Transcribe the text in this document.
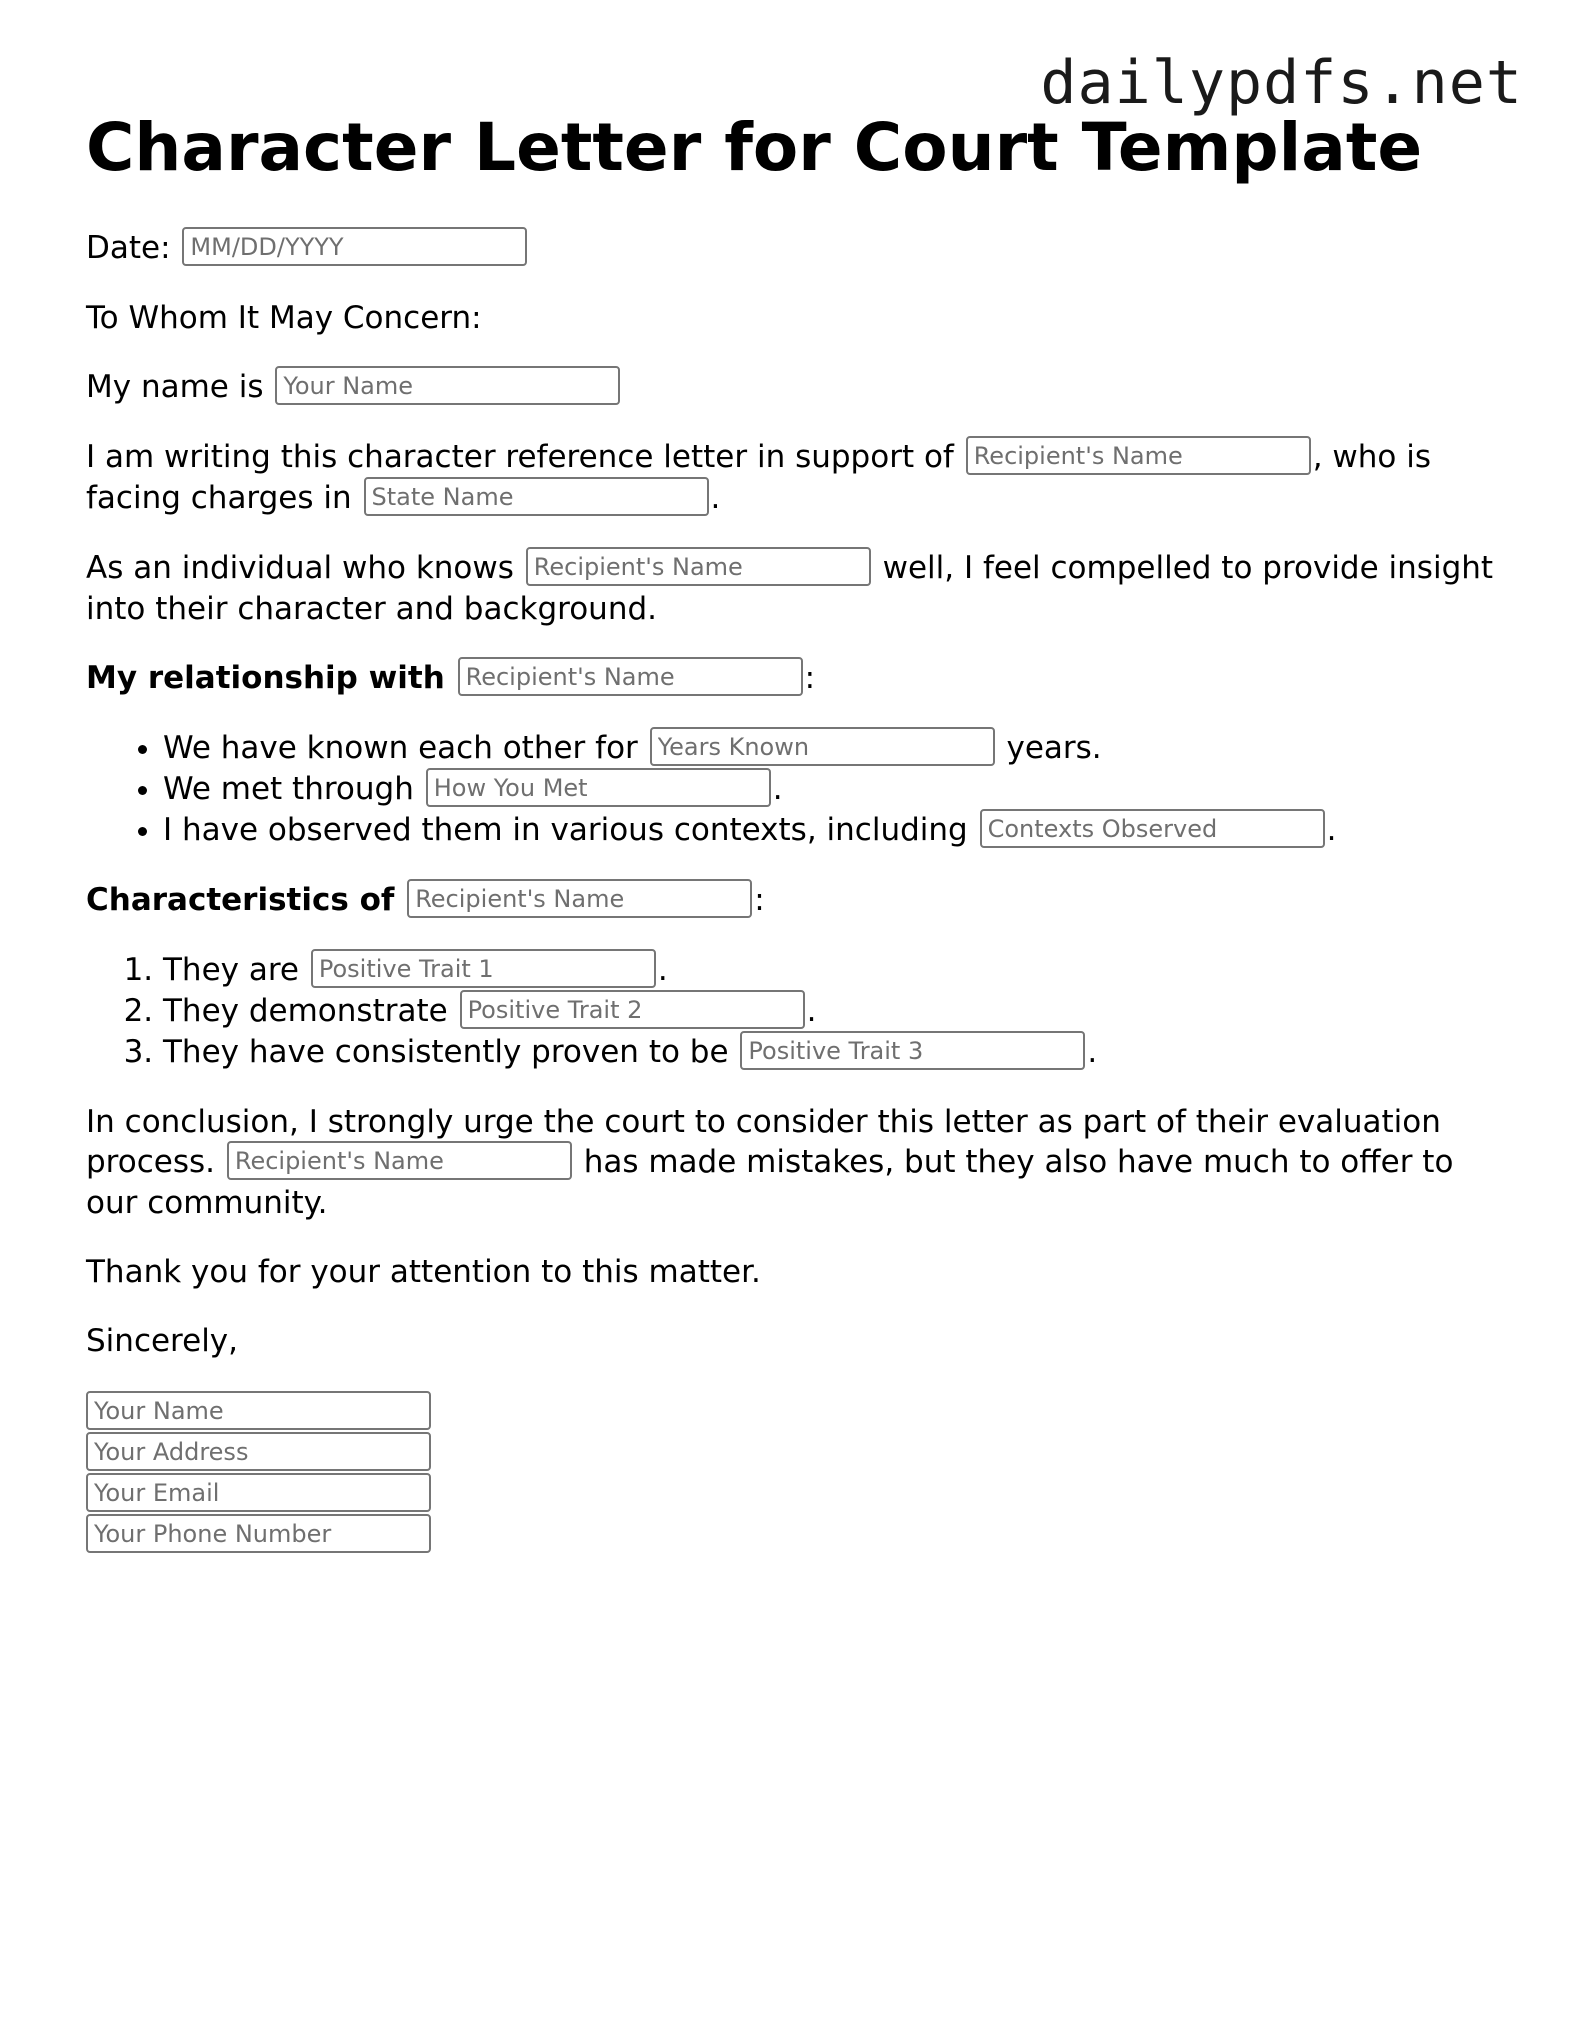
dailypdfs.net
Character Letter for Court Template

Date: MM/DD/YYYY

To Whom It May Concern:

My name is Your Name

I am writing this character reference letter in support of Recipient's Name	, who is facing charges in State Name	.

As an individual who knows Recipient's Name	well, I feel compelled to provide insight into their character and background.

My relationship with Recipient's Name	:

• We have known each other for Years Known	years.
• We met through How You Met	.
• I have observed them in various contexts, including Contexts Observed	.

Characteristics of Recipient's Name	:

1. They are Positive Trait 1	.
2. They demonstrate Positive Trait 2	.
3. They have consistently proven to be Positive Trait 3	.

In conclusion, I strongly urge the court to consider this letter as part of their evaluation process. Recipient's Name	has made mistakes, but they also have much to offer to our community.

Thank you for your attention to this matter.

Sincerely,

Your Name
Your Address
Your Email
Your Phone Number
